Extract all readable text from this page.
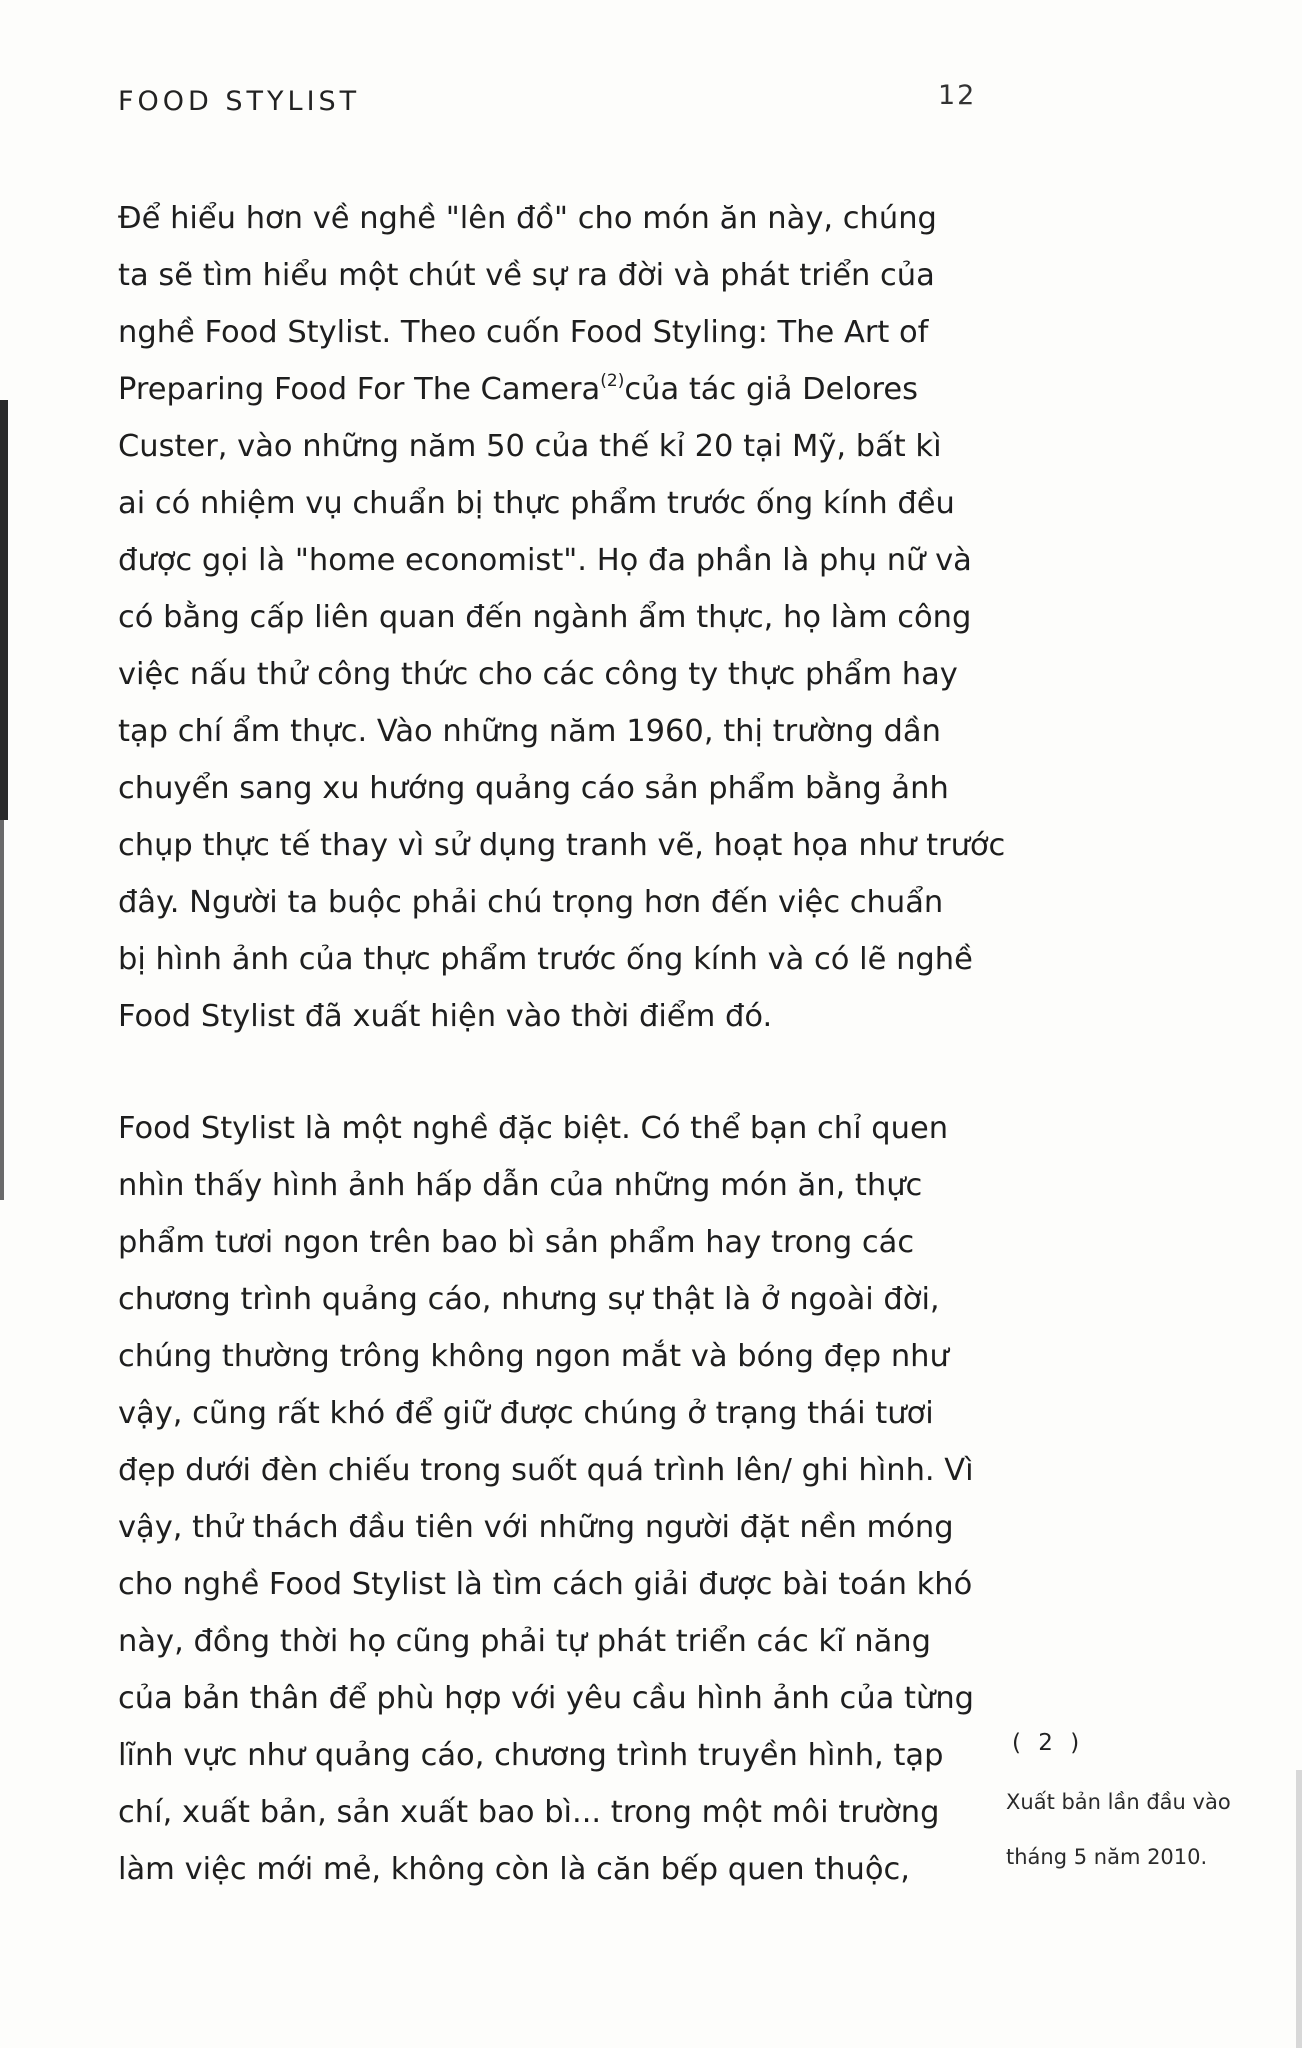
FOOD STYLIST	12
Để hiểu hơn về nghề "lên đồ" cho món ăn này, chúng
ta sẽ tìm hiểu một chút về sự ra đời và phát triển của
nghề Food Stylist. Theo cuốn Food Styling: The Art of
Preparing Food For The Camera$^{(2)}$của tác giả Delores
Custer, vào những năm 50 của thế kỉ 20 tại Mỹ, bất kì
ai có nhiệm vụ chuẩn bị thực phẩm trước ống kính đều
được gọi là "home economist". Họ đa phần là phụ nữ và
có bằng cấp liên quan đến ngành ẩm thực, họ làm công
việc nấu thử công thức cho các công ty thực phẩm hay
tạp chí ẩm thực. Vào những năm 1960, thị trường dần
chuyển sang xu hướng quảng cáo sản phẩm bằng ảnh
chụp thực tế thay vì sử dụng tranh vẽ, hoạt họa như trước
đây. Người ta buộc phải chú trọng hơn đến việc chuẩn
bị hình ảnh của thực phẩm trước ống kính và có lẽ nghề
Food Stylist đã xuất hiện vào thời điểm đó.
Food Stylist là một nghề đặc biệt. Có thể bạn chỉ quen
nhìn thấy hình ảnh hấp dẫn của những món ăn, thực
phẩm tươi ngon trên bao bì sản phẩm hay trong các
chương trình quảng cáo, nhưng sự thật là ở ngoài đời,
chúng thường trông không ngon mắt và bóng đẹp như
vậy, cũng rất khó để giữ được chúng ở trạng thái tươi
đẹp dưới đèn chiếu trong suốt quá trình lên/ ghi hình. Vì
vậy, thử thách đầu tiên với những người đặt nền móng
cho nghề Food Stylist là tìm cách giải được bài toán khó
này, đồng thời họ cũng phải tự phát triển các kĩ năng
của bản thân để phù hợp với yêu cầu hình ảnh của từng
lĩnh vực như quảng cáo, chương trình truyền hình, tạp
chí, xuất bản, sản xuất bao bì... trong một môi trường
làm việc mới mẻ, không còn là căn bếp quen thuộc,
( 2 )
Xuất bản lần đầu vào
tháng 5 năm 2010.
